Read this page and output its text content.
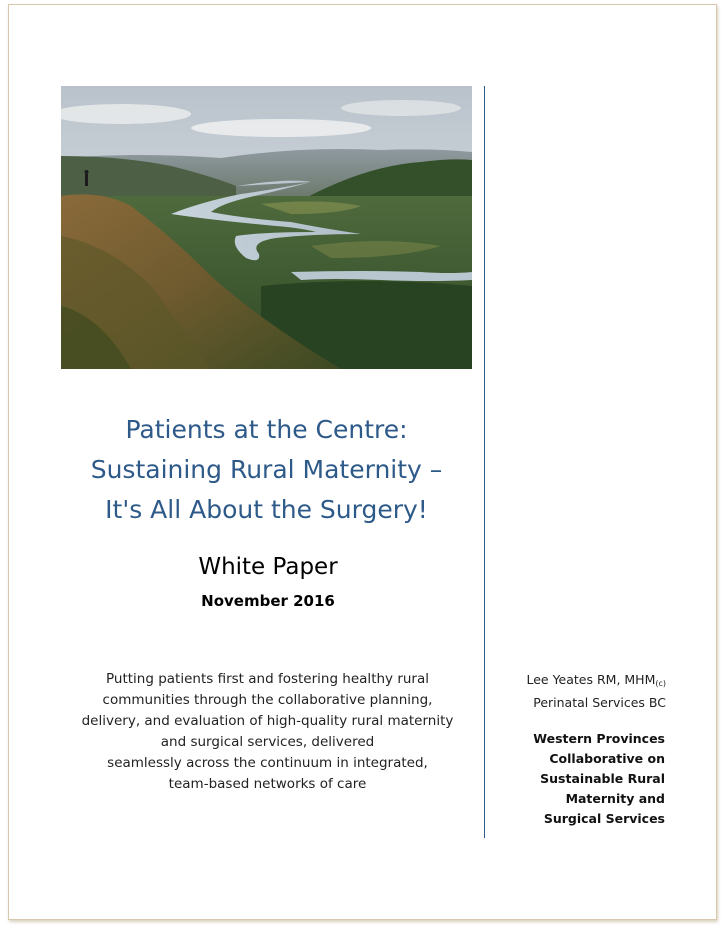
Patients at the Centre:
Sustaining Rural Maternity –
It's All About the Surgery!
White Paper
November 2016
Putting patients first and fostering healthy rural
communities through the collaborative planning,
delivery, and evaluation of high-quality rural maternity
and surgical services, delivered
seamlessly across the continuum in integrated,
team-based networks of care
Lee Yeates RM, $MHM_{(c)}$
Perinatal Services BC
Western Provinces
Collaborative on
Sustainable Rural
Maternity and
Surgical Services
